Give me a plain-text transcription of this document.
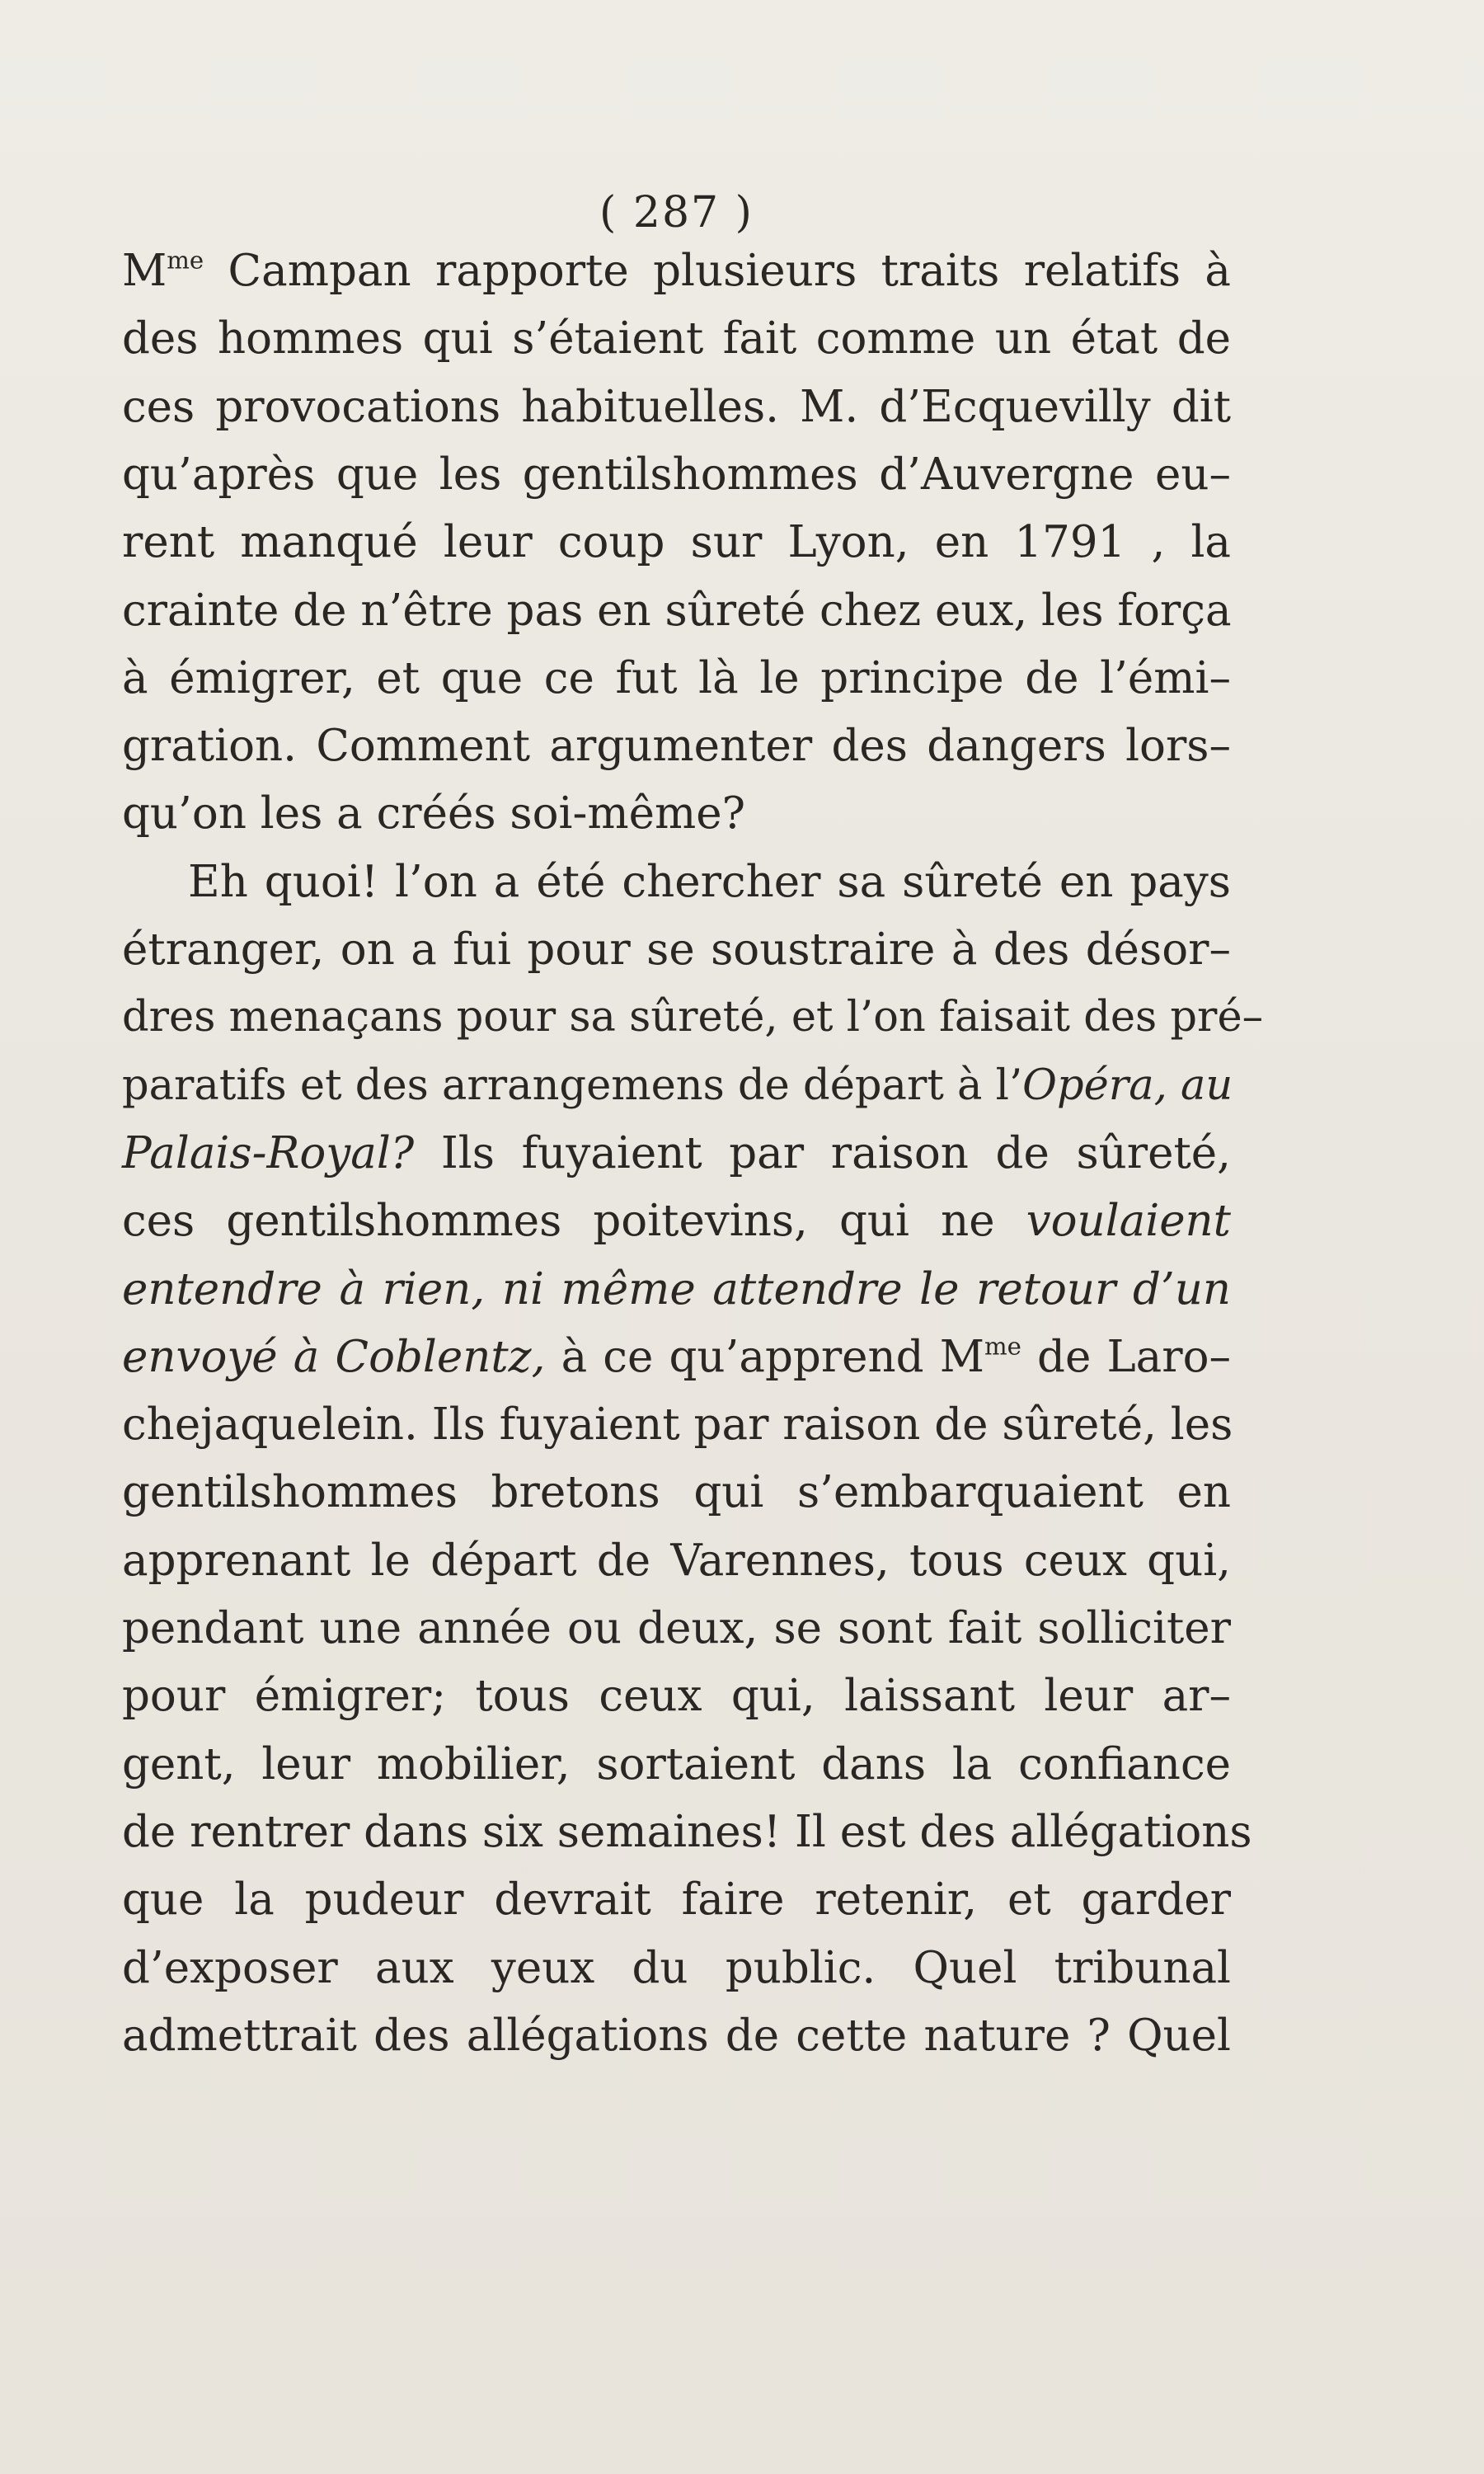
( 287 )
$M^{me}$ Campan rapporte plusieurs traits relatifs à
des hommes qui s’étaient fait comme un état de
ces provocations habituelles. M. d’Ecquevilly dit
qu’après que les gentilshommes d’Auvergne eu–
rent manqué leur coup sur Lyon, en 1791 , la
crainte de n’être pas en sûreté chez eux, les força
à émigrer, et que ce fut là le principe de l’émi–
gration. Comment argumenter des dangers lors–
qu’on les a créés soi-même?
Eh quoi! l’on a été chercher sa sûreté en pays
étranger, on a fui pour se soustraire à des désor–
dres menaçans pour sa sûreté, et l’on faisait des pré–
paratifs et des arrangemens de départ à l’Opéra, au
Palais-Royal? Ils fuyaient par raison de sûreté,
ces gentilshommes poitevins, qui ne voulaient
entendre à rien, ni même attendre le retour d’un
envoyé à Coblentz, à ce qu’apprend $M^{me}$ de Laro–
chejaquelein. Ils fuyaient par raison de sûreté, les
gentilshommes bretons qui s’embarquaient en
apprenant le départ de Varennes, tous ceux qui,
pendant une année ou deux, se sont fait solliciter
pour émigrer; tous ceux qui, laissant leur ar–
gent, leur mobilier, sortaient dans la confiance
de rentrer dans six semaines! Il est des allégations
que la pudeur devrait faire retenir, et garder
d’exposer aux yeux du public. Quel tribunal
admettrait des allégations de cette nature ? Quel
